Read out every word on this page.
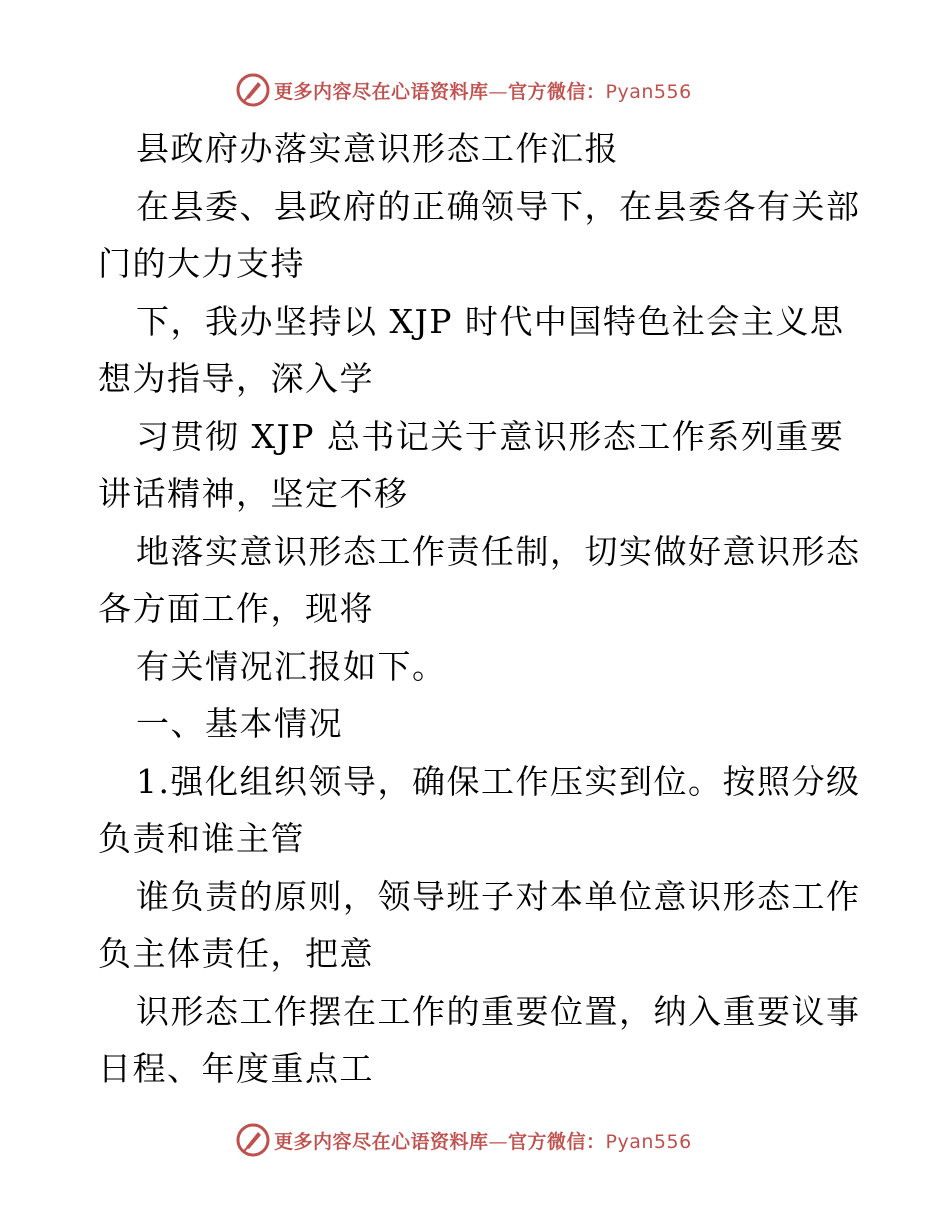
更多内容尽在心语资料库—官方微信：Pyan556
县政府办落实意识形态工作汇报
在县委、县政府的正确领导下，在县委各有关部
门的大力支持
下，我办坚持以 XJP 时代中国特色社会主义思
想为指导，深入学
习贯彻 XJP 总书记关于意识形态工作系列重要
讲话精神，坚定不移
地落实意识形态工作责任制，切实做好意识形态
各方面工作，现将
有关情况汇报如下。
一、基本情况
1.强化组织领导，确保工作压实到位。按照分级
负责和谁主管
谁负责的原则，领导班子对本单位意识形态工作
负主体责任，把意
识形态工作摆在工作的重要位置，纳入重要议事
日程、年度重点工
更多内容尽在心语资料库—官方微信：Pyan556
